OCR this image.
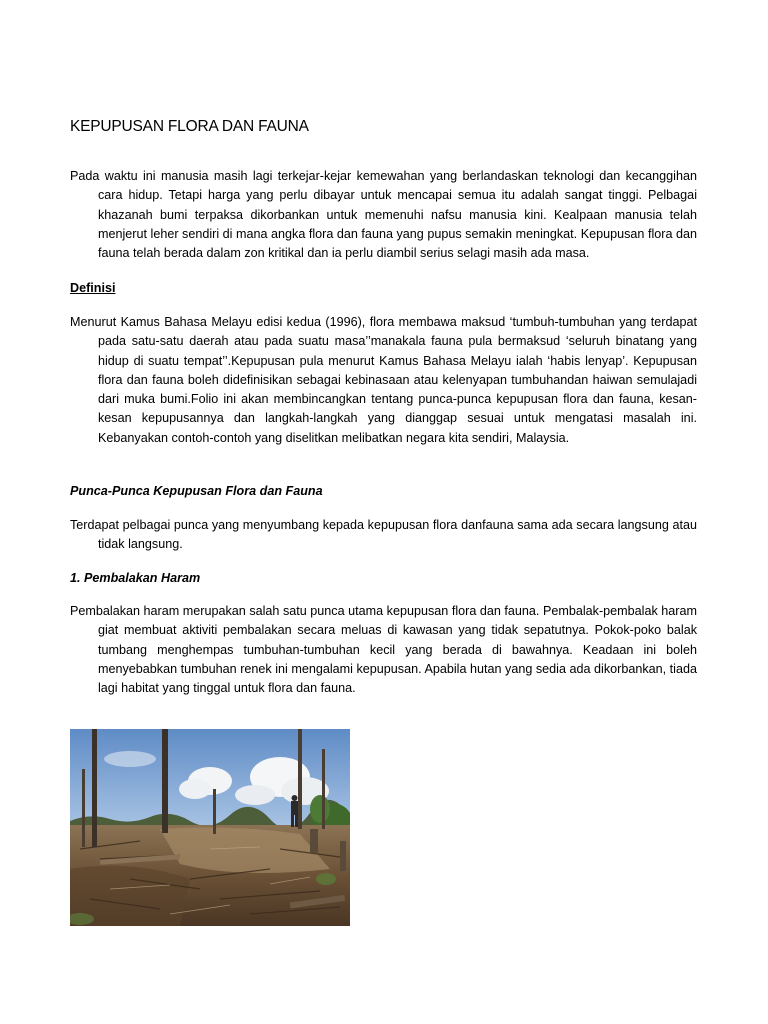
KEPUPUSAN FLORA DAN FAUNA

Pada waktu ini manusia masih lagi terkejar-kejar kemewahan yang berlandaskan teknologi dan kecanggihan cara hidup. Tetapi harga yang perlu dibayar untuk mencapai semua itu adalah sangat tinggi. Pelbagai khazanah bumi terpaksa dikorbankan untuk memenuhi nafsu manusia kini. Kealpaan manusia telah menjerut leher sendiri di mana angka flora dan fauna yang pupus semakin meningkat. Kepupusan flora dan fauna telah berada dalam zon kritikal dan ia perlu diambil serius selagi masih ada masa.

Definisi

Menurut Kamus Bahasa Melayu edisi kedua (1996), flora membawa maksud ‘tumbuh-tumbuhan yang terdapat pada satu-satu daerah atau pada suatu masa’’manakala fauna pula bermaksud ‘seluruh binatang yang hidup di suatu tempat’’.Kepupusan pula menurut Kamus Bahasa Melayu ialah ‘habis lenyap’. Kepupusan flora dan fauna boleh didefinisikan sebagai kebinasaan atau kelenyapan tumbuhandan haiwan semulajadi dari muka bumi.Folio ini akan membincangkan tentang punca-punca kepupusan flora dan fauna, kesan-kesan kepupusannya dan langkah-langkah yang dianggap sesuai untuk mengatasi masalah ini. Kebanyakan contoh-contoh yang diselitkan melibatkan negara kita sendiri, Malaysia.

Punca-Punca Kepupusan Flora dan Fauna

Terdapat pelbagai punca yang menyumbang kepada kepupusan flora danfauna sama ada secara langsung atau tidak langsung.

1. Pembalakan Haram

Pembalakan haram merupakan salah satu punca utama kepupusan flora dan fauna. Pembalak-pembalak haram giat membuat aktiviti pembalakan secara meluas di kawasan yang tidak sepatutnya. Pokok-poko balak tumbang menghempas tumbuhan-tumbuhan kecil yang berada di bawahnya. Keadaan ini boleh menyebabkan tumbuhan renek ini mengalami kepupusan. Apabila hutan yang sedia ada dikorbankan, tiada lagi habitat yang tinggal untuk flora dan fauna.
